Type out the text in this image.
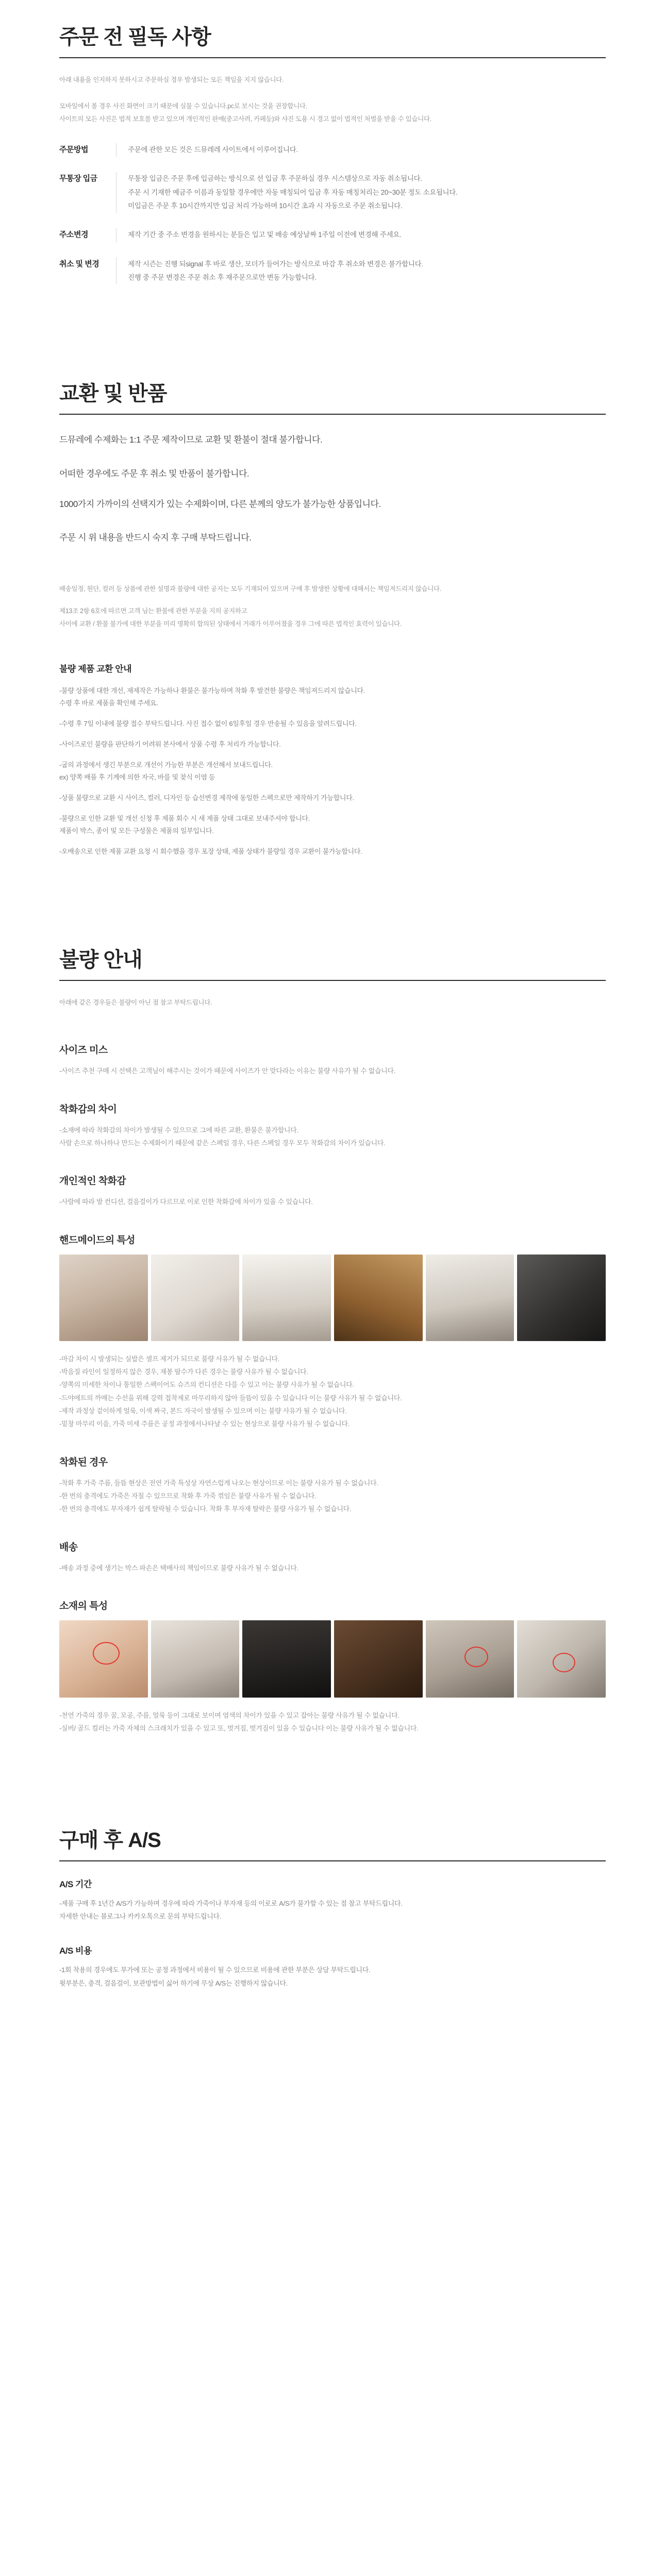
주문 전 필독 사항

아래 내용을 인지하지 못하시고 주문하실 경우 발생되는 모든 책임을 지지 않습니다.

모바일에서 볼 경우 사진 화면이 크기 때문에 실물 수 있습니다.pc로 보시는 것을 권장합니다.

사이트의 모든 사진은 법적 보호를 받고 있으며 개인적인 판매(중고사려, 카페등)와 샤진 도용 시 경고 없이 법적인 처벌을 받을 수 있습니다.

주문방법	주문에 관한 모든 것은 드뮤레레 사이트에서 이루어집니다.
무통장 입금	무통장 입금은 주문 후에 입금하는 방식으로 선 입금 후 주문하실 경우 시스템상으로 자동 취소됩니다.
주문 시 기재한 예금주 이름과 동일할 경우에만 자동 매칭되어 입금 후 자동 매칭처리는 20~30분 정도 소요됩니다.
미입금은 주문 후 10시간까지만 입금 처리 가능하며 10시간 초과 시 자동으로 주문 취소됩니다.
주소변경	제작 기간 중 주소 변경을 원하시는 분들은 입고 및 배송 예상날짜 1주일 이전에 변경해 주세요.
취소 및 변경	제작 시즌는 진행 되signal 후 바로 생산, 모더가 들어가는 방식으로 마감 후 취소와 변경은 불가합니다.
진행 중 주문 변경은 주문 취소 후 재주문으로만 변동 가능합니다.
교환 및 반품

드뮤레에 수제화는 1:1 주문 제작이므로 교환 및 환불이 절대 불가합니다.

어떠한 경우에도 주문 후 취소 및 반품이 불가합니다.

1000가지 가까이의 선택지가 있는 수제화이며, 다른 분께의 양도가 불가능한 상품입니다.

주문 시 위 내용을 반드시 숙지 후 구매 부탁드립니다.

배송일정, 원단, 컬러 등 상품에 관한 설명과 불량에 대한 공지는 모두 기재되어 있으며 구매 후 발생한 상황에 대해서는 책임져드리지 않습니다.

제13조 2항 6호에 따르면 고객 님는 환불에 관한 부분을 지의 공지하고

사이에 교환 / 환불 불가에 대한 부분을 미리 명확히 합의된 상태에서 거래가 이루어졌을 경우 그에 따른 법적인 효력이 있습니다.

불량 제품 교환 안내
-불량 상품에 대한 개선, 재제작은 가능하나 환불은 불가능하며 착화 후 발견한 불량은 책임져드리지 않습니다.
수령 후 바로 제품을 확인해 주세요.
-수령 후 7일 이내에 불량 접수 부탁드립니다. 사진 접수 없이 6일후일 경우 반송될 수 있음을 알려드립니다.
-사이즈로인 불량을 판단하기 어려워 본사에서 상품 수령 후 처리가 가능합니다.
-굽의 과정에서 생긴 부분으로 개선이 가능한 부분은 개선해서 보내드립니다.
ex) 양쪽 배플 후 기계에 의한 자국, 바를 및 찾식 이염 등
-상품 불량으로 교환 시 사이즈, 컬러, 디자인 등 습선변경 제작에 동일한 스펙으로만 제작하기 가능합니다.
-불량으로 인한 교환 및 개선 신청 후 제품 회수 시 새 제품 상태 그대로 보내주셔야 합니다.
제품이 박스, 종이 및 모든 구성물은 제품의 일부입니다.
-오배송으로 인한 제품 교환 요청 시 회수했을 경우 포장 상태, 제품 상태가 불량일 경우 교환이 불가능합니다.
불량 안내

아래에 같은 경우들은 불량이 아닌 점 참고 부탁드립니다.

사이즈 미스

-사이즈 추천 구매 시 선택은 고객님이 해주시는 것이가 때문에 사이즈가 안 맞다라는 이유는 불량 사유가 될 수 없습니다.

착화감의 차이

-소재에 따라 착화감의 차이가 발생될 수 있으므로 그에 따른 교환, 환불은 불가합니다.
사람 손으로 하나하나 만드는 수제화이기 때문에 같은 스펙일 경우, 다른 스펙일 경우 모두 착화감의 차이가 있습니다.

개인적인 착화감

-사람에 따라 발 컨디션, 걸음걸이가 다르므로 이로 인한 착화감에 차이가 있을 수 있습니다.

핸드메이드의 특성

-마감 차이 시 발생되는 실밥은 셀프 제거가 되므로 불량 사유가 될 수 없습니다.
-박음질 라인이 일정하지 않은 경우, 재봉 땀수가 다른 경우는 불량 사유가 될 수 없습니다.
-양쪽의 미세한 차이나 통일한 스펙이어도 슈즈의 컨디션은 다를 수 있고 이는 불량 사유가 될 수 없습니다.
-드야에트의 까매는 수선을 위해 강력 접착제로 마무리하지 않아 들뜸이 있을 수 있습니다 이는 불량 사유가 될 수 없습니다.
-제작 과정상 겉이하게 얼룩, 이색 짜국, 본드 자국이 발생될 수 있으며 이는 불량 사유가 될 수 없습니다.
-밑창 마무리 이음, 가죽 미세 주름은 공정 과정에서나타날 수 있는 현상으로 불량 사유가 될 수 없습니다.

착화된 경우

-착화 후 가죽 주름, 들뜸 현상은 전연 가죽 특성상 자연스럽게 나오는 현상이므로 이는 불량 사유가 될 수 없습니다.
-한 번의 충격에도 가죽은 자칠 수 있으므로 착화 후 가죽 꺾임은 불량 사유가 될 수 없습니다.
-한 번의 충격에도 부자재가 쉽게 탈락될 수 있습니다. 착화 후 부자재 탈락은 불량 사유가 될 수 없습니다.

배송

-배송 과정 중에 생기는 박스 파손은 택배사의 책임이므로 불량 사유가 될 수 없습니다.

소재의 특성

-천연 가죽의 경우 꿈, 모공, 주름, 얼룩 등이 그대로 보이며 염색의 차이가 있을 수 있고 잡아는 불량 사유가 될 수 없습니다.
-실버/ 골드 컬러는 가죽 자체의 스크래치가 있을 수 있고 또, 벗겨짐, 벗겨짐이 있을 수 있습니다 이는 불량 사유가 될 수 없습니다.

구매 후 A/S
A/S 기간

-제품 구매 후 1년간 A/S가 가능하며 경우에 따라 가죽이나 부자재 등의 이로로 A/S가 불가할 수 있는 점 참고 부탁드립니다.
자세한 안내는 블로그나 카카오톡으로 문의 부탁드립니다.

A/S 비용

-1회 착용의 경우에도 부가에 또는 공정 과정에서 비용이 될 수 있으므로 비용에 관한 부분은 상담 부탁드립니다.
윗부분은, 충격, 걸음걸이, 보관방법이 싫어 하기에 무상 A/S는 진행하지 않습니다.
